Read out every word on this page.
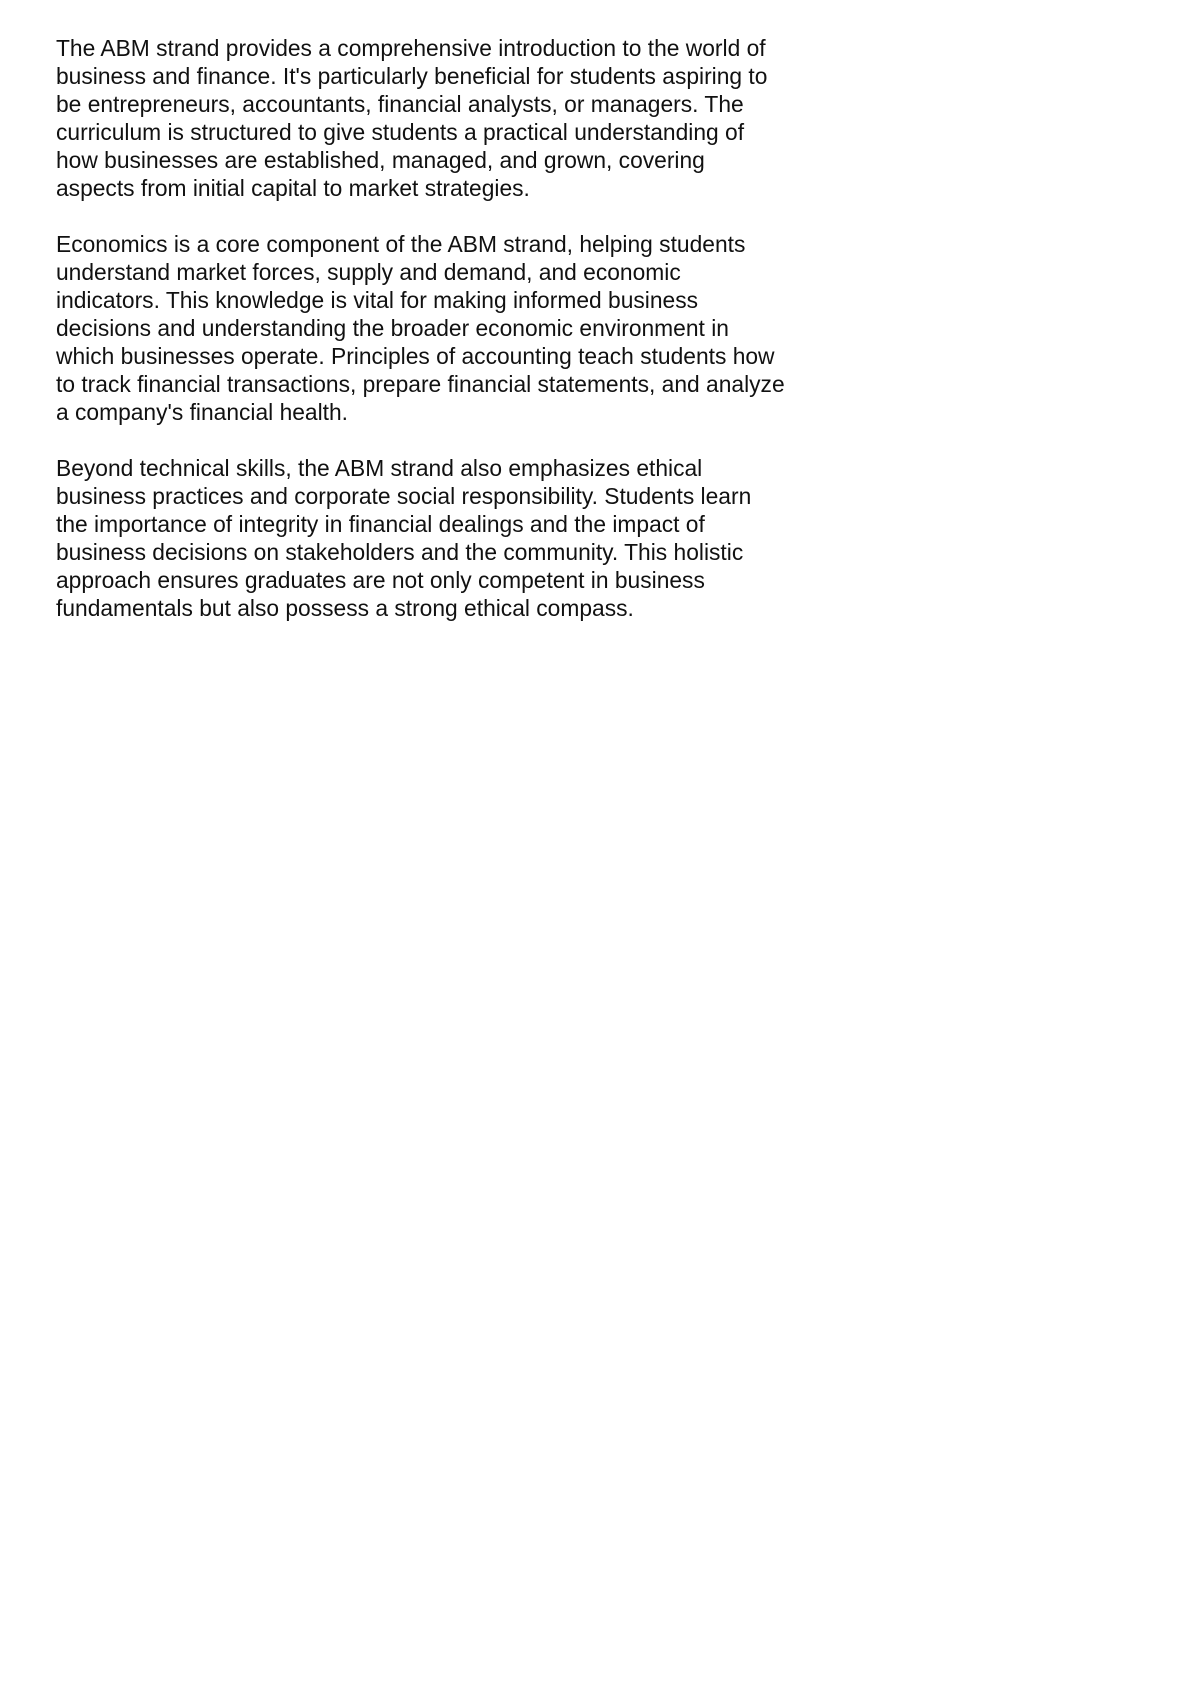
The ABM strand provides a comprehensive introduction to the world of
business and finance. It's particularly beneficial for students aspiring to
be entrepreneurs, accountants, financial analysts, or managers. The
curriculum is structured to give students a practical understanding of
how businesses are established, managed, and grown, covering
aspects from initial capital to market strategies.

Economics is a core component of the ABM strand, helping students
understand market forces, supply and demand, and economic
indicators. This knowledge is vital for making informed business
decisions and understanding the broader economic environment in
which businesses operate. Principles of accounting teach students how
to track financial transactions, prepare financial statements, and analyze
a company's financial health.

Beyond technical skills, the ABM strand also emphasizes ethical
business practices and corporate social responsibility. Students learn
the importance of integrity in financial dealings and the impact of
business decisions on stakeholders and the community. This holistic
approach ensures graduates are not only competent in business
fundamentals but also possess a strong ethical compass.
